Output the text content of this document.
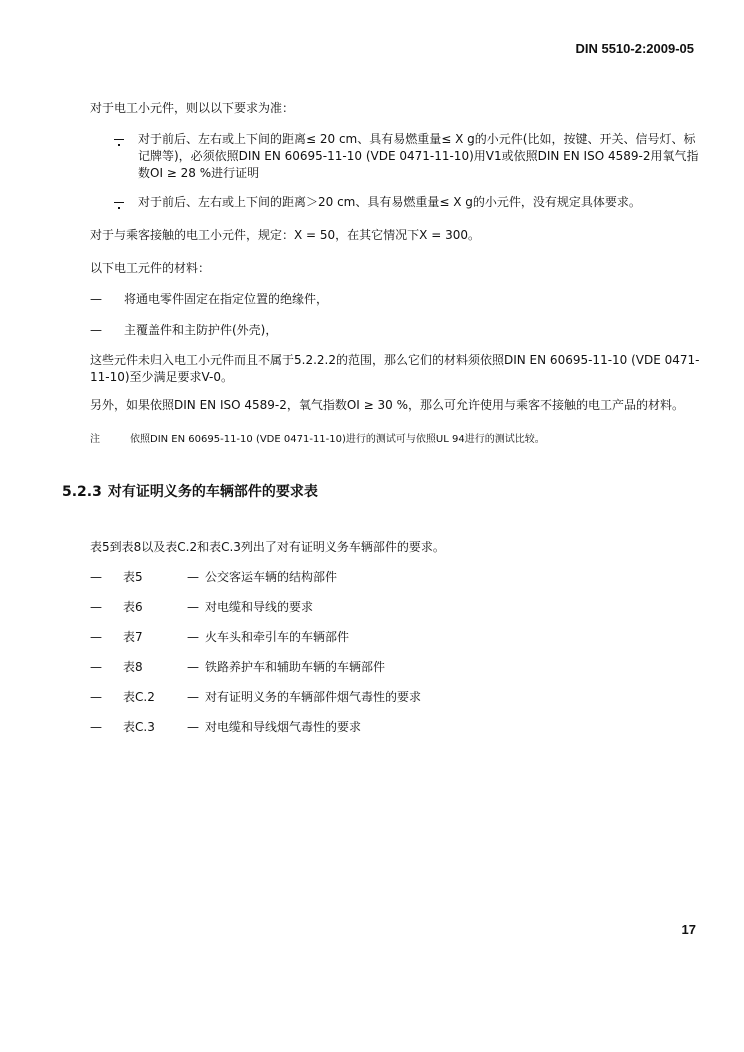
DIN 5510-2:2009-05
对于电工小元件，则以以下要求为准：
对于前后、左右或上下间的距离≤ 20 cm、具有易燃重量≤ X g的小元件(比如，按键、开关、信号灯、标记牌等)，必须依照DIN EN 60695-11-10 (VDE 0471-11-10)用V1或依照DIN EN ISO 4589-2用氧气指数OI ≥ 28 %进行证明
对于前后、左右或上下间的距离＞20 cm、具有易燃重量≤ X g的小元件，没有规定具体要求。
对于与乘客接触的电工小元件，规定：X = 50，在其它情况下X = 300。
以下电工元件的材料：
—	将通电零件固定在指定位置的绝缘件，
—	主覆盖件和主防护件(外壳)，
这些元件未归入电工小元件而且不属于5.2.2.2的范围，那么它们的材料须依照DIN EN 60695-11-10 (VDE 0471-11-10)至少满足要求V-0。
另外，如果依照DIN EN ISO 4589-2，氧气指数OI ≥ 30 %，那么可允许使用与乘客不接触的电工产品的材料。
注	依照DIN EN 60695-11-10 (VDE 0471-11-10)进行的测试可与依照UL 94进行的测试比较。
5.2.3 对有证明义务的车辆部件的要求表
表5到表8以及表C.2和表C.3列出了对有证明义务车辆部件的要求。
—	表5	— 公交客运车辆的结构部件
—	表6	— 对电缆和导线的要求
—	表7	— 火车头和牵引车的车辆部件
—	表8	— 铁路养护车和辅助车辆的车辆部件
—	表C.2	— 对有证明义务的车辆部件烟气毒性的要求
—	表C.3	— 对电缆和导线烟气毒性的要求
17
